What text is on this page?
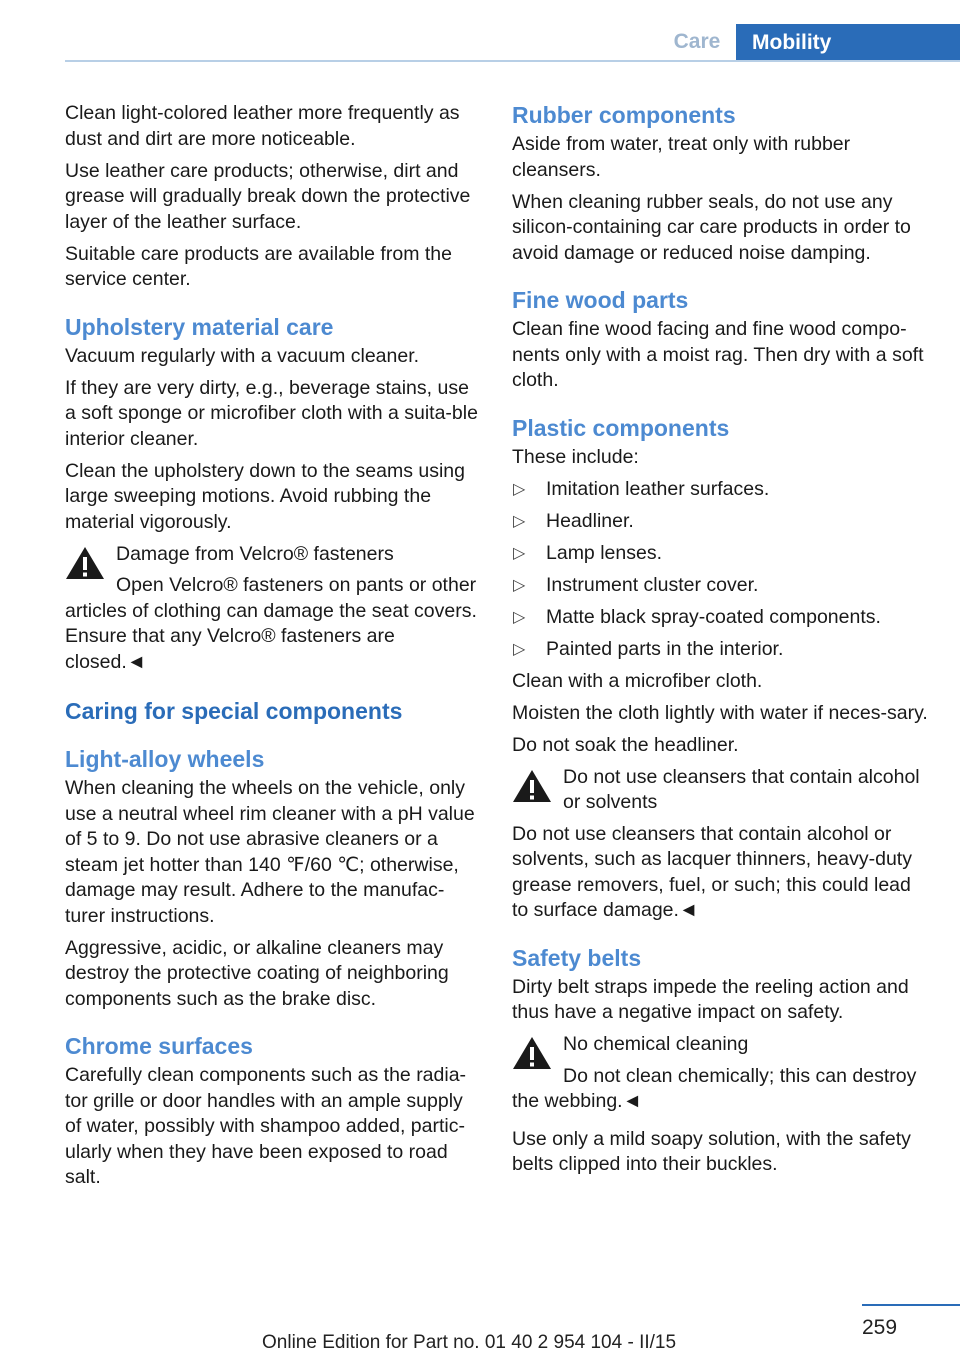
Care	Mobility

Clean light-colored leather more frequently as dust and dirt are more noticeable.

Use leather care products; otherwise, dirt and grease will gradually break down the protective layer of the leather surface.

Suitable care products are available from the service center.

Upholstery material care

Vacuum regularly with a vacuum cleaner.

If they are very dirty, e.g., beverage stains, use a soft sponge or microfiber cloth with a suita‐ble interior cleaner.

Clean the upholstery down to the seams using large sweeping motions. Avoid rubbing the material vigorously.

Damage from Velcro® fasteners

Open Velcro® fasteners on pants or other articles of clothing can damage the seat covers. Ensure that any Velcro® fasteners are closed.◄

Caring for special components
Light-alloy wheels

When cleaning the wheels on the vehicle, only use a neutral wheel rim cleaner with a pH value of 5 to 9. Do not use abrasive cleaners or a steam jet hotter than 140 ℉/60 ℃; otherwise, damage may result. Adhere to the manufac‐turer instructions.

Aggressive, acidic, or alkaline cleaners may destroy the protective coating of neighboring components such as the brake disc.

Chrome surfaces

Carefully clean components such as the radia‐tor grille or door handles with an ample supply of water, possibly with shampoo added, partic‐ularly when they have been exposed to road salt.

Rubber components

Aside from water, treat only with rubber cleansers.

When cleaning rubber seals, do not use any silicon-containing car care products in order to avoid damage or reduced noise damping.

Fine wood parts

Clean fine wood facing and fine wood compo‐nents only with a moist rag. Then dry with a soft cloth.

Plastic components

These include:

▷ Imitation leather surfaces.
▷ Headliner.
▷ Lamp lenses.
▷ Instrument cluster cover.
▷ Matte black spray-coated components.
▷ Painted parts in the interior.

Clean with a microfiber cloth.

Moisten the cloth lightly with water if neces‐sary.

Do not soak the headliner.

Do not use cleansers that contain alcohol or solvents

Do not use cleansers that contain alcohol or solvents, such as lacquer thinners, heavy-duty grease removers, fuel, or such; this could lead to surface damage.◄

Safety belts

Dirty belt straps impede the reeling action and thus have a negative impact on safety.

No chemical cleaning

Do not clean chemically; this can destroy the webbing.◄

Use only a mild soapy solution, with the safety belts clipped into their buckles.

259
Online Edition for Part no. 01 40 2 954 104 - II/15
